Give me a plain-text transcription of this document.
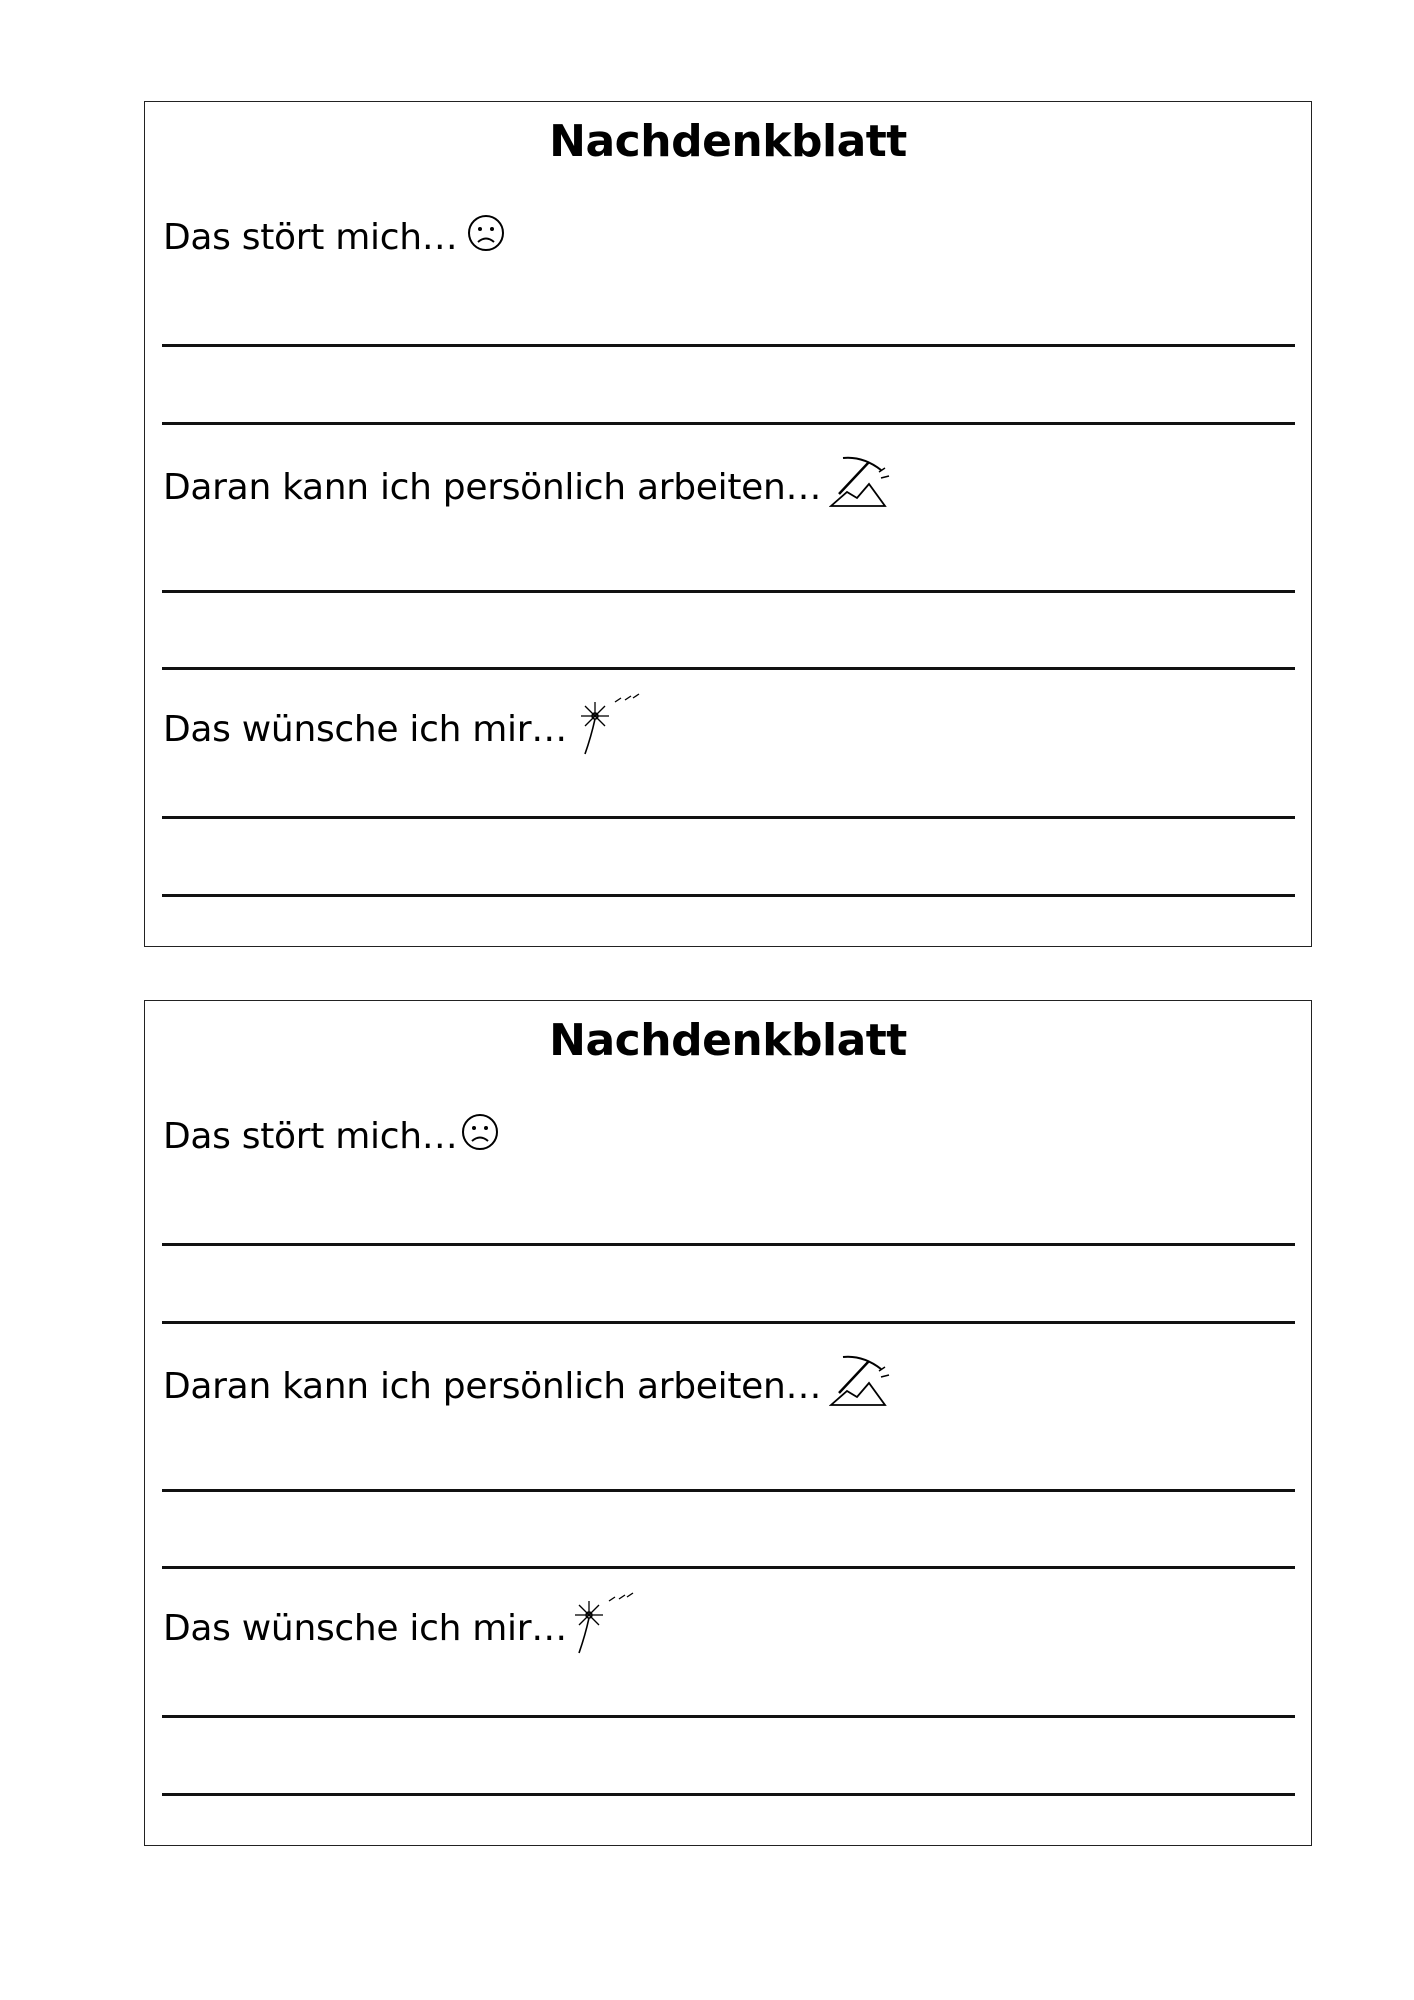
Nachdenkblatt
Das stört mich…
Daran kann ich persönlich arbeiten…
Das wünsche ich mir…
Nachdenkblatt
Das stört mich…
Daran kann ich persönlich arbeiten…
Das wünsche ich mir…
